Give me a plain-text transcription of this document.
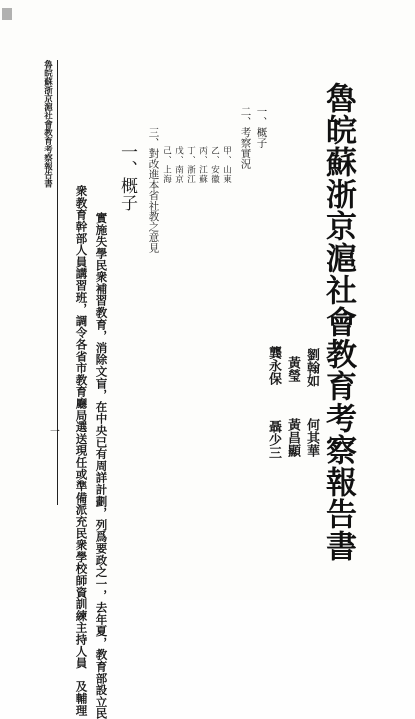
魯皖蘇浙京滬社會教育考察報告書
劉翰如
何其華
黃瑩
黃昌顯
龔永保
聶少三
一、概子
二、考察實況
甲、山東
乙、安徽
丙、江蘇
丁、浙江
戊、南京
己、上海
三、對改進本省社教之意見
一、概子
實施失學民衆補習教育，消除文盲，在中央已有周詳計劃，列爲要政之一，去年夏，教育部設立民
衆教育幹部人員講習班，調令各省市教育廳局選送現任或準備派充民衆學校師資訓練主持人員　及輔理
魯皖蘇浙京滬社會教育考察報告書
一
